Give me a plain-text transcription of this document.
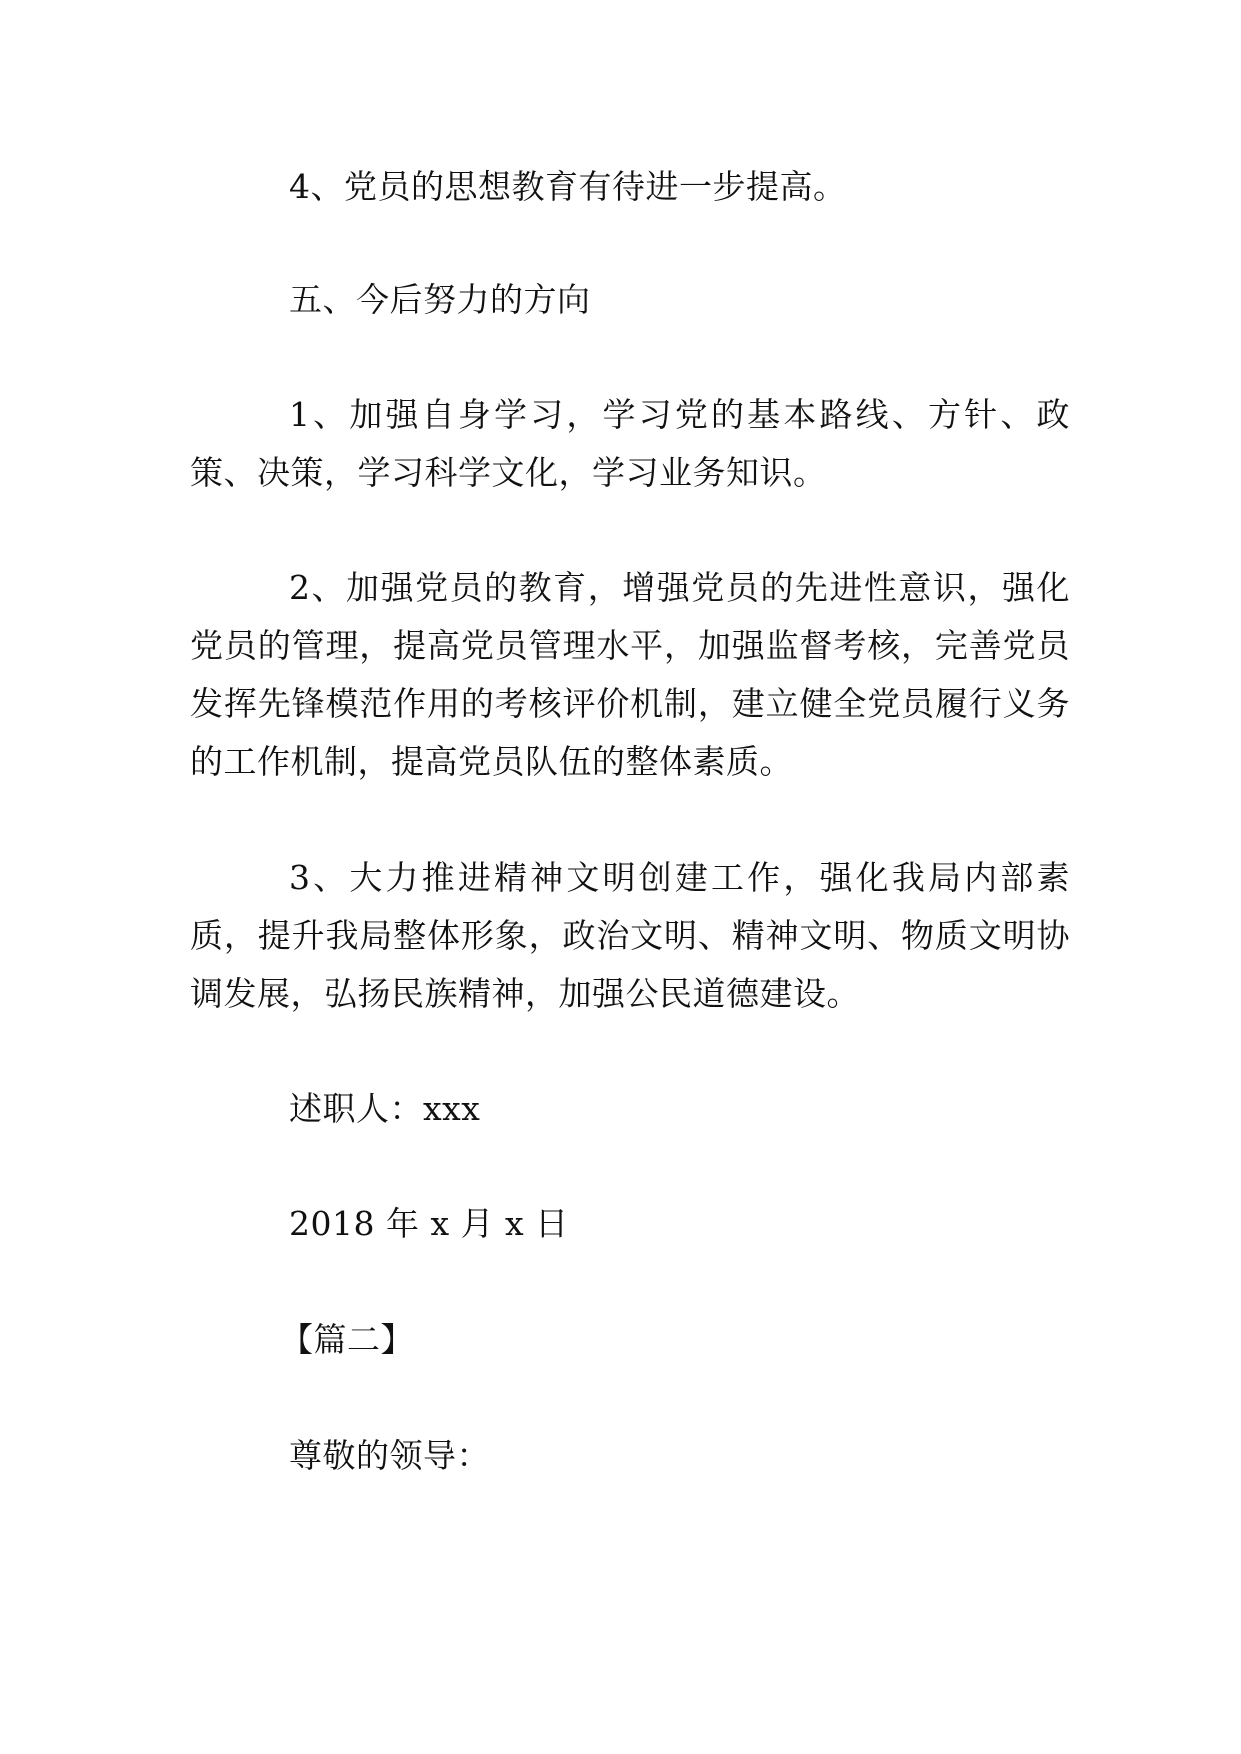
4、党员的思想教育有待进一步提高。

五、今后努力的方向

1、加强自身学习，学习党的基本路线、方针、政策、决策，学习科学文化，学习业务知识。

2、加强党员的教育，增强党员的先进性意识，强化党员的管理，提高党员管理水平，加强监督考核，完善党员发挥先锋模范作用的考核评价机制，建立健全党员履行义务的工作机制，提高党员队伍的整体素质。

3、大力推进精神文明创建工作，强化我局内部素质，提升我局整体形象，政治文明、精神文明、物质文明协调发展，弘扬民族精神，加强公民道德建设。

述职人：xxx

2018 年 x 月 x 日

【篇二】

尊敬的领导：
